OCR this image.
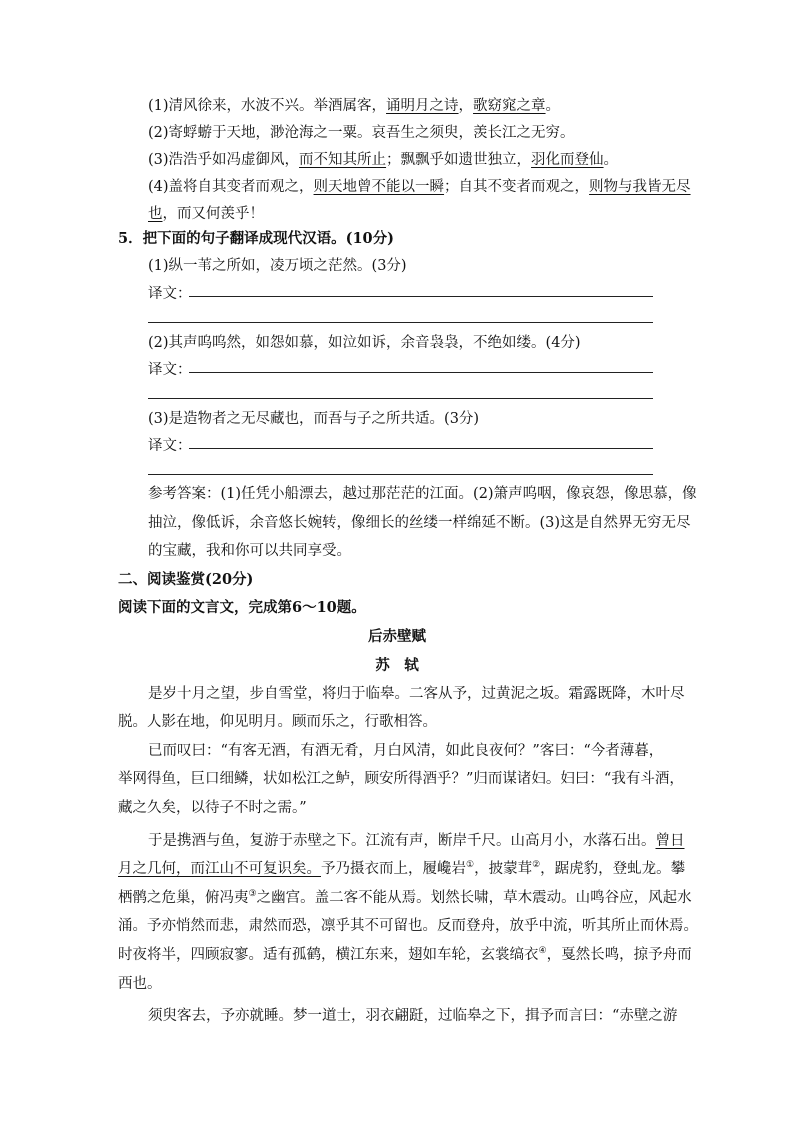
(1)清风徐来，水波不兴。举酒属客，诵明月之诗，歌窈窕之章。
(2)寄蜉蝣于天地，渺沧海之一粟。哀吾生之须臾，羡长江之无穷。
(3)浩浩乎如冯虚御风，而不知其所止；飘飘乎如遗世独立，羽化而登仙。
(4)盖将自其变者而观之，则天地曾不能以一瞬；自其不变者而观之，则物与我皆无尽
也，而又何羡乎！
5．把下面的句子翻译成现代汉语。(10分)
(1)纵一苇之所如，凌万顷之茫然。(3分)
译文：
(2)其声呜呜然，如怨如慕，如泣如诉，余音袅袅，不绝如缕。(4分)
译文：
(3)是造物者之无尽藏也，而吾与子之所共适。(3分)
译文：
参考答案：(1)任凭小船漂去，越过那茫茫的江面。(2)箫声呜咽，像哀怨，像思慕，像
抽泣，像低诉，余音悠长婉转，像细长的丝缕一样绵延不断。(3)这是自然界无穷无尽
的宝藏，我和你可以共同享受。
二、阅读鉴赏(20分)
阅读下面的文言文，完成第6～10题。
后赤壁赋
苏　轼
是岁十月之望，步自雪堂，将归于临皋。二客从予，过黄泥之坂。霜露既降，木叶尽
脱。人影在地，仰见明月。顾而乐之，行歌相答。
已而叹曰：“有客无酒，有酒无肴，月白风清，如此良夜何？”客曰：“今者薄暮，
举网得鱼，巨口细鳞，状如松江之鲈，顾安所得酒乎？”归而谋诸妇。妇曰：“我有斗酒，
藏之久矣，以待子不时之需。”
于是携酒与鱼，复游于赤壁之下。江流有声，断岸千尺。山高月小，水落石出。曾日
月之几何，而江山不可复识矣。予乃摄衣而上，履巉岩①，披蒙茸②，踞虎豹，登虬龙。攀
栖鹘之危巢，俯冯夷③之幽宫。盖二客不能从焉。划然长啸，草木震动。山鸣谷应，风起水
涌。予亦悄然而悲，肃然而恐，凛乎其不可留也。反而登舟，放乎中流，听其所止而休焉。
时夜将半，四顾寂寥。适有孤鹤，横江东来，翅如车轮，玄裳缟衣④，戛然长鸣，掠予舟而
西也。
须臾客去，予亦就睡。梦一道士，羽衣翩跹，过临皋之下，揖予而言曰：“赤壁之游
